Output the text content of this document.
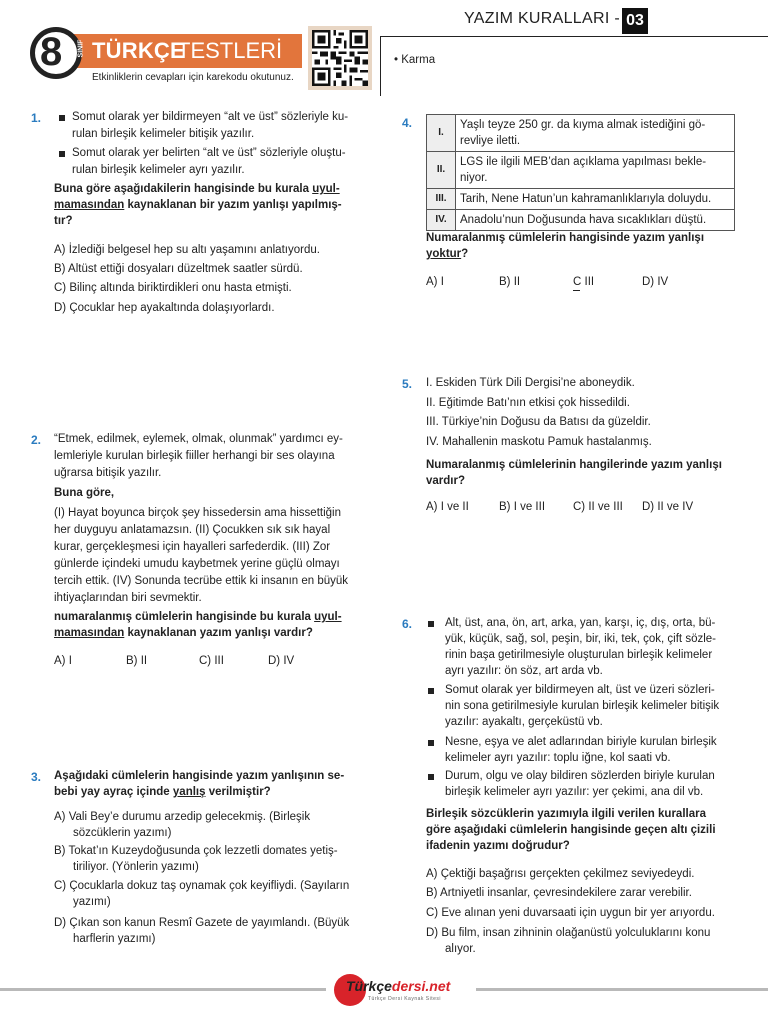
8 SINIF TÜRKÇE
TESTLERİ
Etkinliklerin cevapları için karekodu okutunuz.
YAZIM KURALLARI - 03
• Karma
1.	Somut olarak yer bildirmeyen “alt ve üst” sözleriyle ku-
rulan birleşik kelimeler bitişik yazılır.
Somut olarak yer belirten “alt ve üst” sözleriyle oluştu-
rulan birleşik kelimeler ayrı yazılır.
Buna göre aşağıdakilerin hangisinde bu kurala uyul-
mamasından kaynaklanan bir yazım yanlışı yapılmış-
tır?
A) İzlediği belgesel hep su altı yaşamını anlatıyordu.
B) Altüst ettiği dosyaları düzeltmek saatler sürdü.
C) Bilinç altında biriktirdikleri onu hasta etmişti.
D) Çocuklar hep ayakaltında dolaşıyorlardı.
2. “Etmek, edilmek, eylemek, olmak, olunmak” yardımcı ey-
lemleriyle kurulan birleşik fiiller herhangi bir ses olayına
uğrarsa bitişik yazılır.
Buna göre,
(I) Hayat boyunca birçok şey hissedersin ama hissettiğin
her duyguyu anlatamazsın. (II) Çocukken sık sık hayal
kurar, gerçekleşmesi için hayalleri sarfederdik. (III) Zor
günlerde içindeki umudu kaybetmek yerine güçlü olmayı
tercih ettik. (IV) Sonunda tecrübe ettik ki insanın en büyük
ihtiyaçlarından biri sevmektir.
numaralanmış cümlelerin hangisinde bu kurala uyul-
mamasından kaynaklanan yazım yanlışı vardır?
A) I	B) II	C) III	D) IV
3. Aşağıdaki cümlelerin hangisinde yazım yanlışının se-
bebi yay ayraç içinde yanlış verilmiştir?
A) Vali Bey’e durumu arzedip gelecekmiş. (Birleşik
sözcüklerin yazımı)
B) Tokat’ın Kuzeydoğusunda çok lezzetli domates yetiş-
tiriliyor. (Yönlerin yazımı)
C) Çocuklarla dokuz taş oynamak çok keyifliydi. (Sayıların
yazımı)
D) Çıkan son kanun Resmî Gazete de yayımlandı. (Büyük
harflerin yazımı)
4.
I.	Yaşlı teyze 250 gr. da kıyma almak istediğini gö-
revliye iletti.

II.	LGS ile ilgili MEB’dan açıklama yapılması bekle-
niyor.

III.	Tarih, Nene Hatun’un kahramanlıklarıyla doluydu.

IV.	Anadolu’nun Doğusunda hava sıcaklıkları düştü.
Numaralanmış cümlelerin hangisinde yazım yanlışı
yoktur?
A) I	B) II	C III	D) IV
5. I. Eskiden Türk Dili Dergisi’ne aboneydik.
II. Eğitimde Batı’nın etkisi çok hissedildi.
III. Türkiye’nin Doğusu da Batısı da güzeldir.
IV. Mahallenin maskotu Pamuk hastalanmış.
Numaralanmış cümlelerinin hangilerinde yazım yanlışı
vardır?
A) I ve II	B) I ve III C) II ve III D) II ve IV
6.	Alt, üst, ana, ön, art, arka, yan, karşı, iç, dış, orta, bü-
yük, küçük, sağ, sol, peşin, bir, iki, tek, çok, çift sözle-
rinin başa getirilmesiyle oluşturulan birleşik kelimeler
ayrı yazılır: ön söz, art arda vb.
Somut olarak yer bildirmeyen alt, üst ve üzeri sözleri-
nin sona getirilmesiyle kurulan birleşik kelimeler bitişik
yazılır: ayakaltı, gerçeküstü vb.
Nesne, eşya ve alet adlarından biriyle kurulan birleşik
kelimeler ayrı yazılır: toplu iğne, kol saati vb.
Durum, olgu ve olay bildiren sözlerden biriyle kurulan
birleşik kelimeler ayrı yazılır: yer çekimi, ana dil vb.
Birleşik sözcüklerin yazımıyla ilgili verilen kurallara
göre aşağıdaki cümlelerin hangisinde geçen altı çizili
ifadenin yazımı doğrudur?
A) Çektiği başağrısı gerçekten çekilmez seviyedeydi.
B) Artniyetli insanlar, çevresindekilere zarar verebilir.
C) Eve alınan yeni duvarsaati için uygun bir yer arıyordu.
D) Bu film, insan zihninin olağanüstü yolculuklarını konu
alıyor.
Türkçedersi.net
Türkçe Dersi Kaynak Sitesi
